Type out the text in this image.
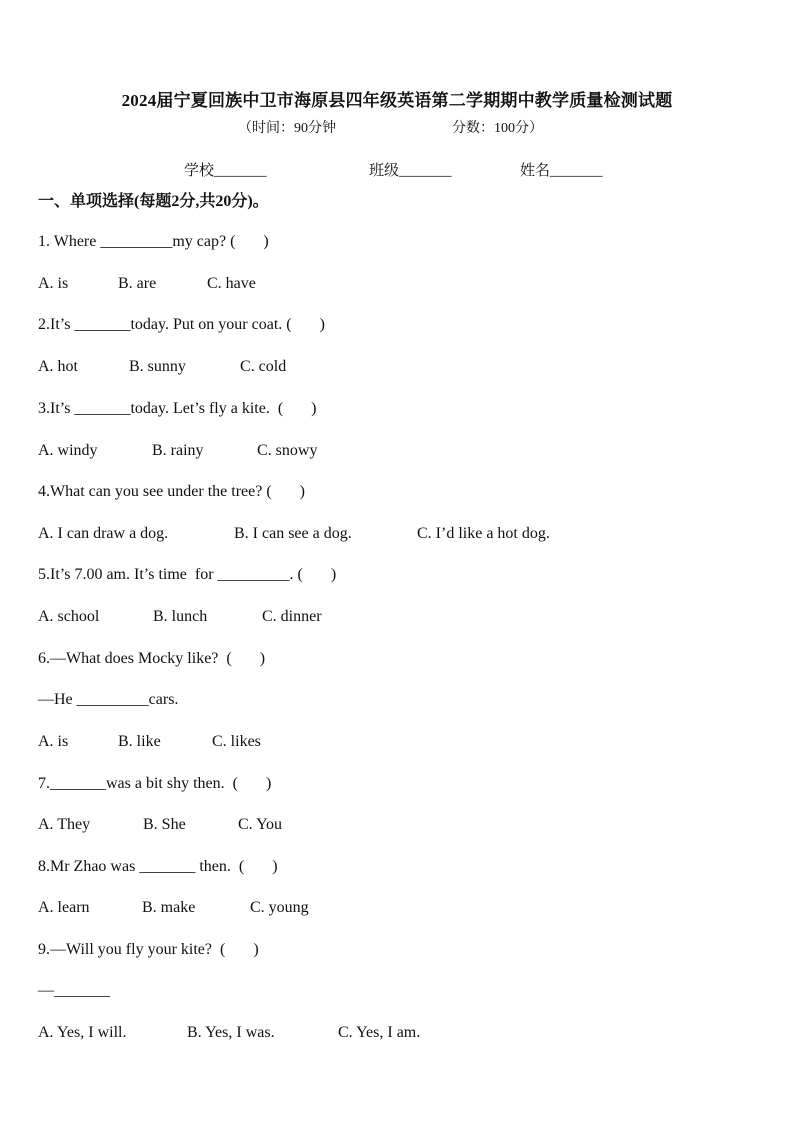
2024届宁夏回族中卫市海原县四年级英语第二学期期中教学质量检测试题
（时间：90分钟	分数：100分）
学校_______	班级_______	姓名_______
一、单项选择(每题2分,共20分)。
1. Where _________my cap? (       )
A. is	B. are	C. have
2.It’s _______today. Put on your coat. (       )
A. hot	B. sunny	C. cold
3.It’s _______today. Let’s fly a kite.  (       )
A. windy	B. rainy	C. snowy
4.What can you see under the tree? (       )
A. I can draw a dog.	B. I can see a dog.	C. I’d like a hot dog.
5.It’s 7.00 am. It’s time  for _________. (       )
A. school	B. lunch	C. dinner
6.—What does Mocky like?  (       )
—He _________cars.
A. is	B. like	C. likes
7._______was a bit shy then.  (       )
A. They	B. She	C. You
8.Mr Zhao was _______ then.  (       )
A. learn	B. make	C. young
9.—Will you fly your kite?  (       )
—_______
A. Yes, I will.	B. Yes, I was.	C. Yes, I am.
